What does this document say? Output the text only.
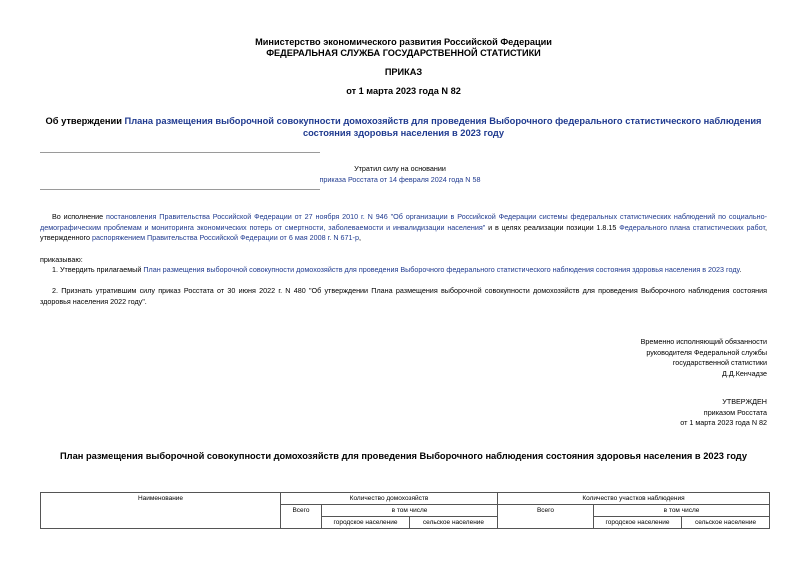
Министерство экономического развития Российской Федерации
ФЕДЕРАЛЬНАЯ СЛУЖБА ГОСУДАРСТВЕННОЙ СТАТИСТИКИ
ПРИКАЗ
от 1 марта 2023 года N 82
Об утверждении Плана размещения выборочной совокупности домохозяйств для проведения Выборочного федерального статистического наблюдения состояния здоровья населения в 2023 году
Утратил силу на основании
приказа Росстата от 14 февраля 2024 года N 58
Во исполнение постановления Правительства Российской Федерации от 27 ноября 2010 г. N 946 "Об организации в Российской Федерации системы федеральных статистических наблюдений по социально-демографическим проблемам и мониторинга экономических потерь от смертности, заболеваемости и инвалидизации населения" и в целях реализации позиции 1.8.15 Федерального плана статистических работ, утвержденного распоряжением Правительства Российской Федерации от 6 мая 2008 г. N 671-р,
приказываю:
1. Утвердить прилагаемый План размещения выборочной совокупности домохозяйств для проведения Выборочного федерального статистического наблюдения состояния здоровья населения в 2023 году.
2. Признать утратившим силу приказ Росстата от 30 июня 2022 г. N 480 "Об утверждении Плана размещения выборочной совокупности домохозяйств для проведения Выборочного наблюдения состояния здоровья населения 2022 году".
Временно исполняющий обязанности
руководителя Федеральной службы
государственной статистики
Д.Д.Кенчадзе
УТВЕРЖДЕН
приказом Росстата
от 1 марта 2023 года N 82
План размещения выборочной совокупности домохозяйств для проведения Выборочного наблюдения состояния здоровья населения в 2023 году
Наименование	Количество домохозяйств			Количество участков наблюдения		
	Всего	в том числе		Всего	в том числе	
		городское население	сельское население		городское население	сельское население
